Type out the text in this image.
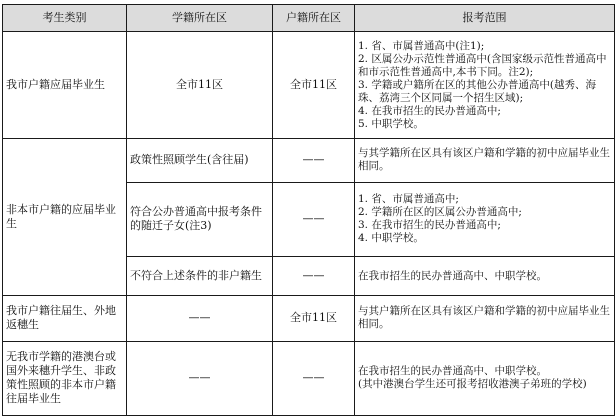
考生类别	学籍所在区	户籍所在区	报考范围
我市户籍应届毕业生	全市11区	全市11区	1. 省、市属普通高中(注1);
2. 区属公办示范性普通高中(含国家级示范性普通高中和市示范性普通高中,本书下同。注2);
3. 学籍或户籍所在区的其他公办普通高中(越秀、海珠、荔湾三个区同属一个招生区域);
4. 在我市招生的民办普通高中;
5. 中职学校。

非本市户籍的应届毕业生	政策性照顾学生(含往届)	——	与其学籍所在区具有该区户籍和学籍的初中应届毕业生相同。
	符合公办普通高中报考条件的随迁子女(注3)	——	1. 省、市属普通高中;
2. 学籍所在区的区属公办普通高中;
3. 在我市招生的民办普通高中;
4. 中职学校。

	不符合上述条件的非户籍生	——	在我市招生的民办普通高中、中职学校。
我市户籍往届生、外地返穗生	——	全市11区	与其户籍所在区具有该区户籍和学籍的初中应届毕业生相同。
无我市学籍的港澳台或国外来穗升学生、非政策性照顾的非本市户籍往届毕业生	——	——	在我市招生的民办普通高中、中职学校。
(其中港澳台学生还可报考招收港澳子弟班的学校)
